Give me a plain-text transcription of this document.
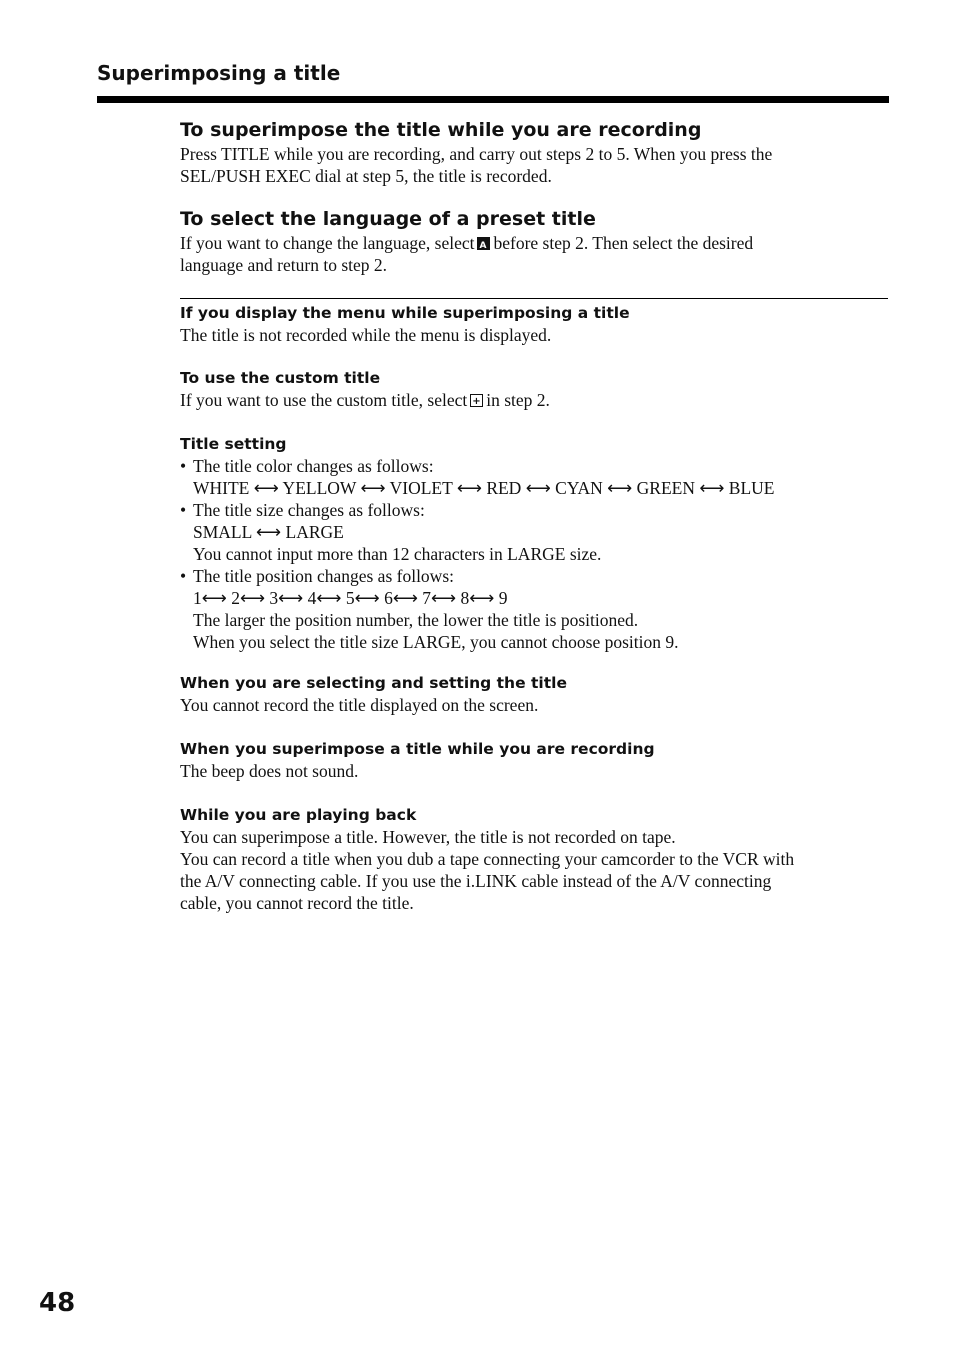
Superimposing a title

To superimpose the title while you are recording

Press TITLE while you are recording, and carry out steps 2 to 5. When you press the

SEL/PUSH EXEC dial at step 5, the title is recorded.

To select the language of a preset title

If you want to change the language, select A before step 2. Then select the desired

language and return to step 2.

If you display the menu while superimposing a title

The title is not recorded while the menu is displayed.

To use the custom title

If you want to use the custom title, select + in step 2.

Title setting

• The title color changes as follows:

WHITE ⟷ YELLOW ⟷ VIOLET ⟷ RED ⟷ CYAN ⟷ GREEN ⟷ BLUE

• The title size changes as follows:

SMALL ⟷ LARGE

You cannot input more than 12 characters in LARGE size.

• The title position changes as follows:

1⟷ 2⟷ 3⟷ 4⟷ 5⟷ 6⟷ 7⟷ 8⟷ 9

The larger the position number, the lower the title is positioned.

When you select the title size LARGE, you cannot choose position 9.

When you are selecting and setting the title

You cannot record the title displayed on the screen.

When you superimpose a title while you are recording

The beep does not sound.

While you are playing back

You can superimpose a title. However, the title is not recorded on tape.

You can record a title when you dub a tape connecting your camcorder to the VCR with

the A/V connecting cable. If you use the i.LINK cable instead of the A/V connecting

cable, you cannot record the title.

48
